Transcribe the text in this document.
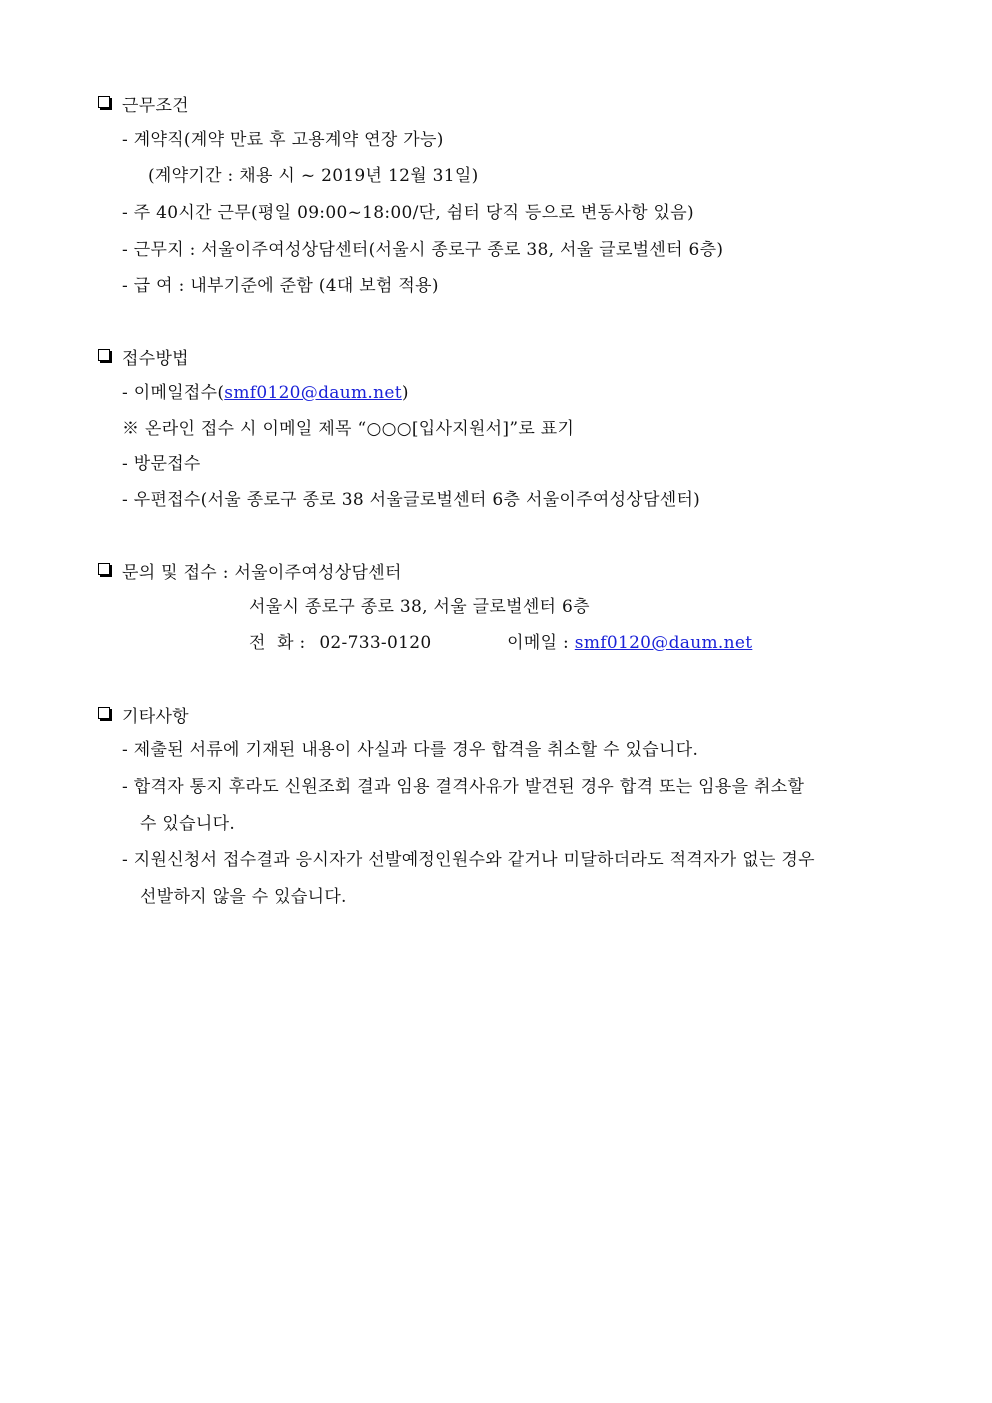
근무조건
- 계약직(계약 만료 후 고용계약 연장 가능)
(계약기간 : 채용 시 ~ 2019년 12월 31일)
- 주 40시간 근무(평일 09:00~18:00/단, 쉼터 당직 등으로 변동사항 있음)
- 근무지 : 서울이주여성상담센터(서울시 종로구 종로 38, 서울 글로벌센터 6층)
- 급 여 : 내부기준에 준함 (4대 보험 적용)
접수방법
- 이메일접수(smf0120@daum.net)
※ 온라인 접수 시 이메일 제목 “○○○[입사지원서]”로 표기
- 방문접수
- 우편접수(서울 종로구 종로 38 서울글로벌센터 6층 서울이주여성상담센터)
문의 및 접수 : 서울이주여성상담센터
서울시 종로구 종로 38, 서울 글로벌센터 6층
전  화 : 02-733-0120	이메일 : smf0120@daum.net
기타사항
- 제출된 서류에 기재된 내용이 사실과 다를 경우 합격을 취소할 수 있습니다.
- 합격자 통지 후라도 신원조회 결과 임용 결격사유가 발견된 경우 합격 또는 임용을 취소할
수 있습니다.
- 지원신청서 접수결과 응시자가 선발예정인원수와 같거나 미달하더라도 적격자가 없는 경우
선발하지 않을 수 있습니다.
